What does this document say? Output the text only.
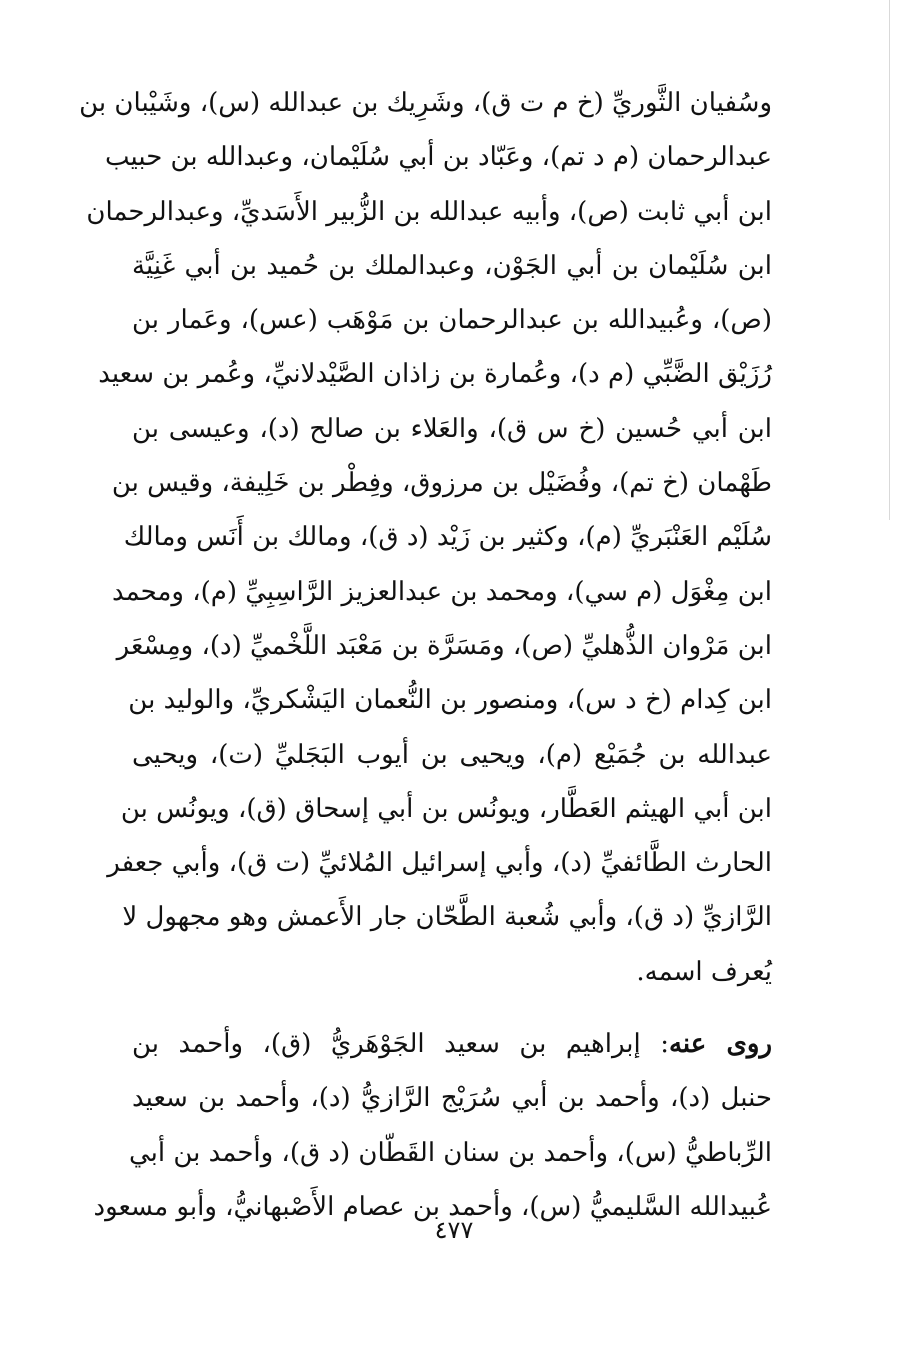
وسُفيان الثَّوريِّ (خ م ت ق)، وشَرِيك بن عبدالله (س)، وشَيْبان بن
عبدالرحمان (م د تم)، وعَبّاد بن أبي سُلَيْمان، وعبدالله بن حبيب
ابن أبي ثابت (ص)، وأبيه عبدالله بن الزُّبير الأَسَديِّ، وعبدالرحمان
ابن سُلَيْمان بن أبي الجَوْن، وعبدالملك بن حُميد بن أبي غَنِيَّة
(ص)، وعُبيدالله بن عبدالرحمان بن مَوْهَب (عس)، وعَمار بن
رُزَيْق الضَّبِّي (م د)، وعُمارة بن زاذان الصَّيْدلانيِّ، وعُمر بن سعيد
ابن أبي حُسين (خ س ق)، والعَلاء بن صالح (د)، وعيسى بن
طَهْمان (خ تم)، وفُضَيْل بن مرزوق، وفِطْر بن خَلِيفة، وقيس بن
سُلَيْم العَنْبَريِّ (م)، وكثير بن زَيْد (د ق)، ومالك بن أَنَس ومالك
ابن مِغْوَل (م سي)، ومحمد بن عبدالعزيز الرَّاسِبِيِّ (م)، ومحمد
ابن مَرْوان الذُّهليِّ (ص)، ومَسَرَّة بن مَعْبَد اللَّخْميِّ (د)، ومِسْعَر
ابن كِدام (خ د س)، ومنصور بن النُّعمان اليَشْكريِّ، والوليد بن
عبدالله بن جُمَيْع (م)، ويحيى بن أيوب البَجَليِّ (ت)، ويحيى
ابن أبي الهيثم العَطَّار، ويونُس بن أبي إسحاق (ق)، ويونُس بن
الحارث الطَّائفيِّ (د)، وأبي إسرائيل المُلائيِّ (ت ق)، وأبي جعفر
الرَّازيِّ (د ق)، وأبي شُعبة الطَّحّان جار الأَعمش وهو مجهول لا
يُعرف اسمه.
روى عنه: إبراهيم بن سعيد الجَوْهَريُّ (ق)، وأحمد بن
حنبل (د)، وأحمد بن أبي سُرَيْج الرَّازيُّ (د)، وأحمد بن سعيد
الرِّباطيُّ (س)، وأحمد بن سنان القَطّان (د ق)، وأحمد بن أبي
عُبيدالله السَّليميُّ (س)، وأحمد بن عصام الأَصْبهانيُّ، وأبو مسعود
٤٧٧
